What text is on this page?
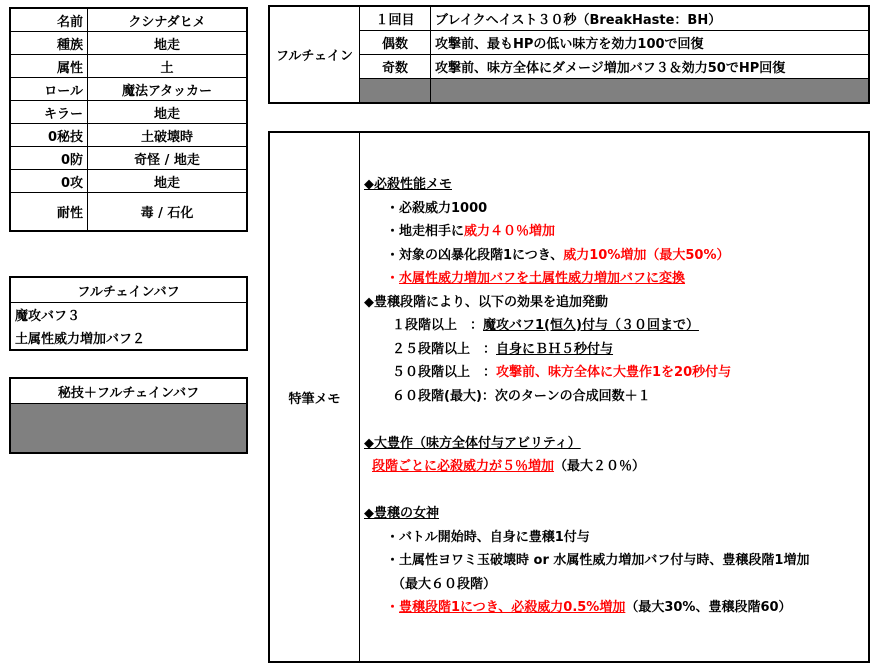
名前	クシナダヒメ
種族	地走
属性	土
ロール	魔法アタッカー
キラー	地走
0秘技	土破壊時
0防	奇怪 / 地走
0攻	地走
耐性	毒 / 石化
フルチェインバフ
魔攻バフ３
土属性威力増加バフ２
秘技＋フルチェインバフ

フルチェイン	１回目	ブレイクヘイスト３０秒（BreakHaste：BH）
	偶数	攻撃前、最もHPの低い味方を効力100で回復
	奇数	攻撃前、味方全体にダメージ増加バフ３＆効力50でHP回復

特筆メモ	
◆必殺性能メモ
・必殺威力1000
・地走相手に威力４０％増加
・対象の凶暴化段階1につき、威力10%増加（最大50%）
・水属性威力増加バフを土属性威力増加バフに変換
◆豊穣段階により、以下の効果を追加発動
１段階以上　：魔攻バフ1(恒久)付与（３０回まで）
２５段階以上　：自身にＢＨ５秒付与
５０段階以上　：攻撃前、味方全体に大豊作1を20秒付与
６０段階(最大)：次のターンの合成回数＋１
◆大豊作（味方全体付与アビリティ）
段階ごとに必殺威力が５％増加（最大２０％）
◆豊穣の女神
・バトル開始時、自身に豊穣1付与
・土属性ヨワミ玉破壊時 or 水属性威力増加バフ付与時、豊穣段階1増加
（最大６０段階）
・豊穣段階1につき、必殺威力0.5%増加（最大30%、豊穣段階60）
